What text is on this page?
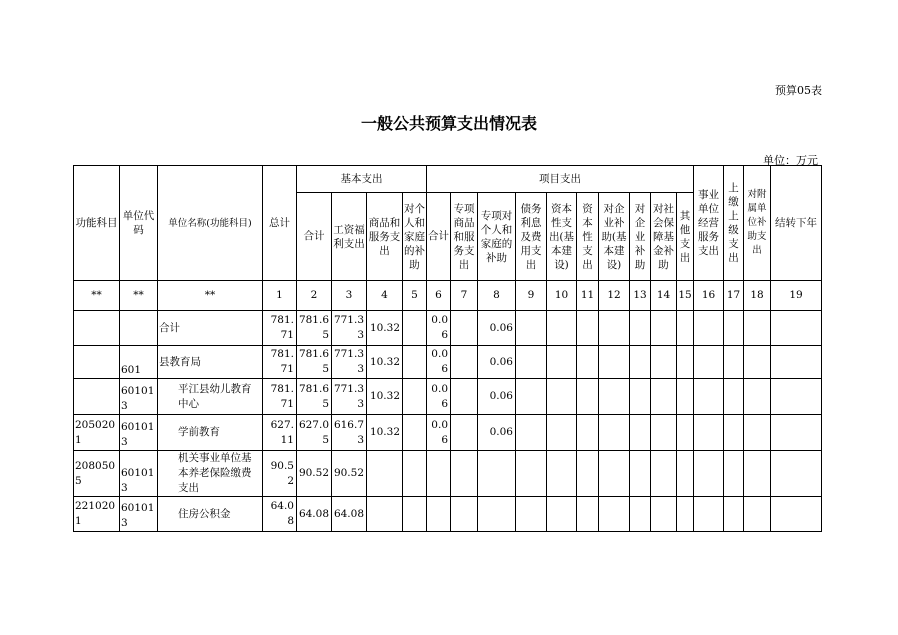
预算05表
一般公共预算支出情况表
单位：万元
功能科目	单位代码	单位名称(功能科目)	总计	基本支出				项目支出										事业单位经营服务支出	上缴上级支出	对附属单位补助支出	结转下年
				合计	工资福利支出	商品和服务支出	对个人和家庭的补助	合计	专项商品和服务支出	专项对个人和家庭的补助	债务利息及费用支出	资本性支出(基本建设)	资本性支出	对企业补助(基本建设)	对企业补助	对社会保障基金补助	其他支出				
**	**	**	1	2	3	4	5	6	7	8	9	10	11	12	13	14	15	16	17	18	19
		合计	781.71	781.65	771.33	10.32		0.06		0.06											
	601	县教育局	781.71	781.65	771.33	10.32		0.06		0.06											
	601013	平江县幼儿教育中心	781.71	781.65	771.33	10.32		0.06		0.06											
2050201	601013	学前教育	627.11	627.05	616.73	10.32		0.06		0.06											
2080505	601013	机关事业单位基本养老保险缴费支出	90.52	90.52	90.52																
2210201	601013	住房公积金	64.08	64.08	64.08																
